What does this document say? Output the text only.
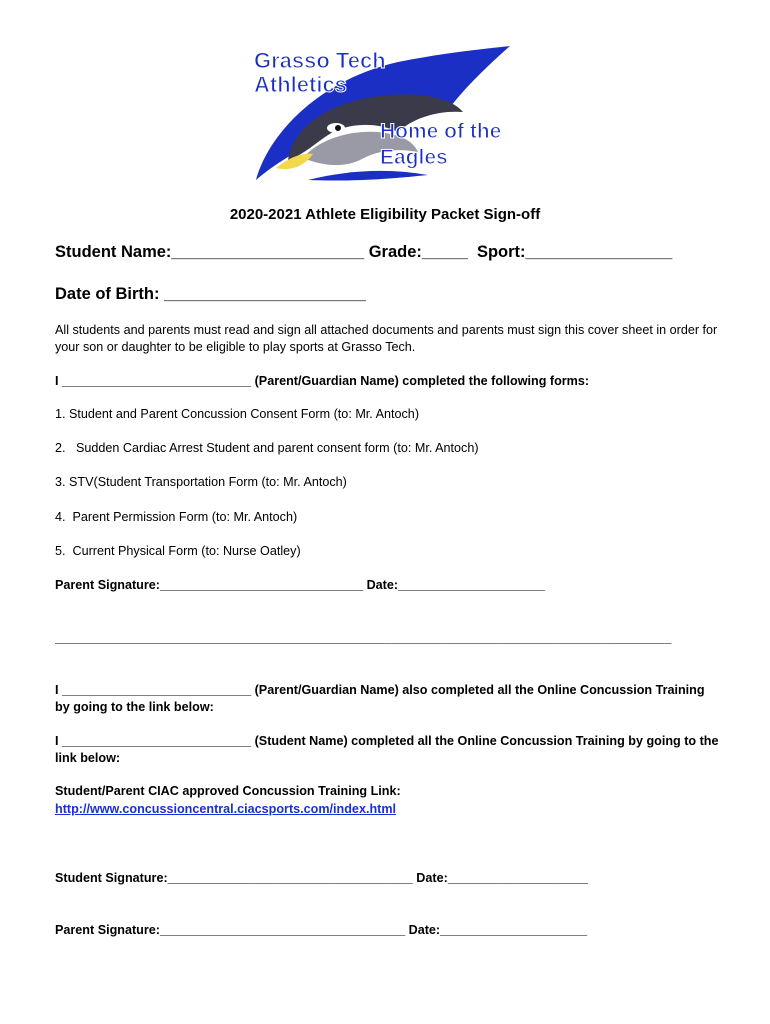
Grasso Tech
Athletics
Home of the
Eagles
2020-2021 Athlete Eligibility Packet Sign-off
Student Name:_____________________ Grade:_____  Sport:________________
Date of Birth: ______________________
All students and parents must read and sign all attached documents and parents must sign this cover sheet in order for your son or daughter to be eligible to play sports at Grasso Tech.
I ___________________________ (Parent/Guardian Name) completed the following forms:
1. Student and Parent Concussion Consent Form (to: Mr. Antoch)
2.   Sudden Cardiac Arrest Student and parent consent form (to: Mr. Antoch)
3. STV(Student Transportation Form (to: Mr. Antoch)
4.  Parent Permission Form (to: Mr. Antoch)
5.  Current Physical Form (to: Nurse Oatley)
Parent Signature:_____________________________ Date:_____________________
________________________________________________________________________________________
I ___________________________ (Parent/Guardian Name) also completed all the Online Concussion Training by going to the link below:
I ___________________________ (Student Name) completed all the Online Concussion Training by going to the link below:
Student/Parent CIAC approved Concussion Training Link:
http://www.concussioncentral.ciacsports.com/index.html
Student Signature:___________________________________ Date:____________________
Parent Signature:___________________________________ Date:_____________________
